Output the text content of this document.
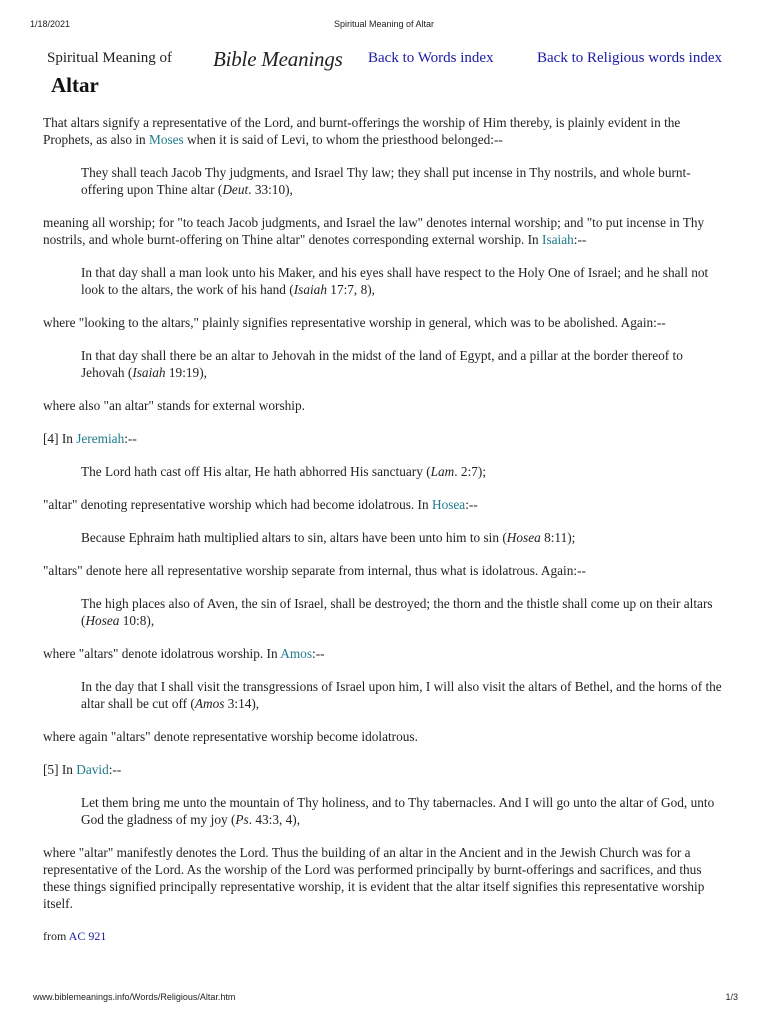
1/18/2021	Spiritual Meaning of Altar
Spiritual Meaning of Bible Meanings Back to Words index	Back to Religious words index
Altar

That altars signify a representative of the Lord, and burnt-offerings the worship of Him thereby, is plainly evident in the Prophets, as also in Moses when it is said of Levi, to whom the priesthood belonged:--

They shall teach Jacob Thy judgments, and Israel Thy law; they shall put incense in Thy nostrils, and whole burnt-offering upon Thine altar (Deut. 33:10),

meaning all worship; for "to teach Jacob judgments, and Israel the law" denotes internal worship; and "to put incense in Thy nostrils, and whole burnt-offering on Thine altar" denotes corresponding external worship. In Isaiah:--

In that day shall a man look unto his Maker, and his eyes shall have respect to the Holy One of Israel; and he shall not look to the altars, the work of his hand (Isaiah 17:7, 8),

where "looking to the altars," plainly signifies representative worship in general, which was to be abolished. Again:--

In that day shall there be an altar to Jehovah in the midst of the land of Egypt, and a pillar at the border thereof to Jehovah (Isaiah 19:19),

where also "an altar" stands for external worship.

[4] In Jeremiah:--

The Lord hath cast off His altar, He hath abhorred His sanctuary (Lam. 2:7);

"altar" denoting representative worship which had become idolatrous. In Hosea:--

Because Ephraim hath multiplied altars to sin, altars have been unto him to sin (Hosea 8:11);

"altars" denote here all representative worship separate from internal, thus what is idolatrous. Again:--

The high places also of Aven, the sin of Israel, shall be destroyed; the thorn and the thistle shall come up on their altars (Hosea 10:8),

where "altars" denote idolatrous worship. In Amos:--

In the day that I shall visit the transgressions of Israel upon him, I will also visit the altars of Bethel, and the horns of the altar shall be cut off (Amos 3:14),

where again "altars" denote representative worship become idolatrous.

[5] In David:--

Let them bring me unto the mountain of Thy holiness, and to Thy tabernacles. And I will go unto the altar of God, unto God the gladness of my joy (Ps. 43:3, 4),

where "altar" manifestly denotes the Lord. Thus the building of an altar in the Ancient and in the Jewish Church was for a representative of the Lord. As the worship of the Lord was performed principally by burnt-offerings and sacrifices, and thus these things signified principally representative worship, it is evident that the altar itself signifies this representative worship itself.

from AC 921

www.biblemeanings.info/Words/Religious/Altar.htm	1/3
